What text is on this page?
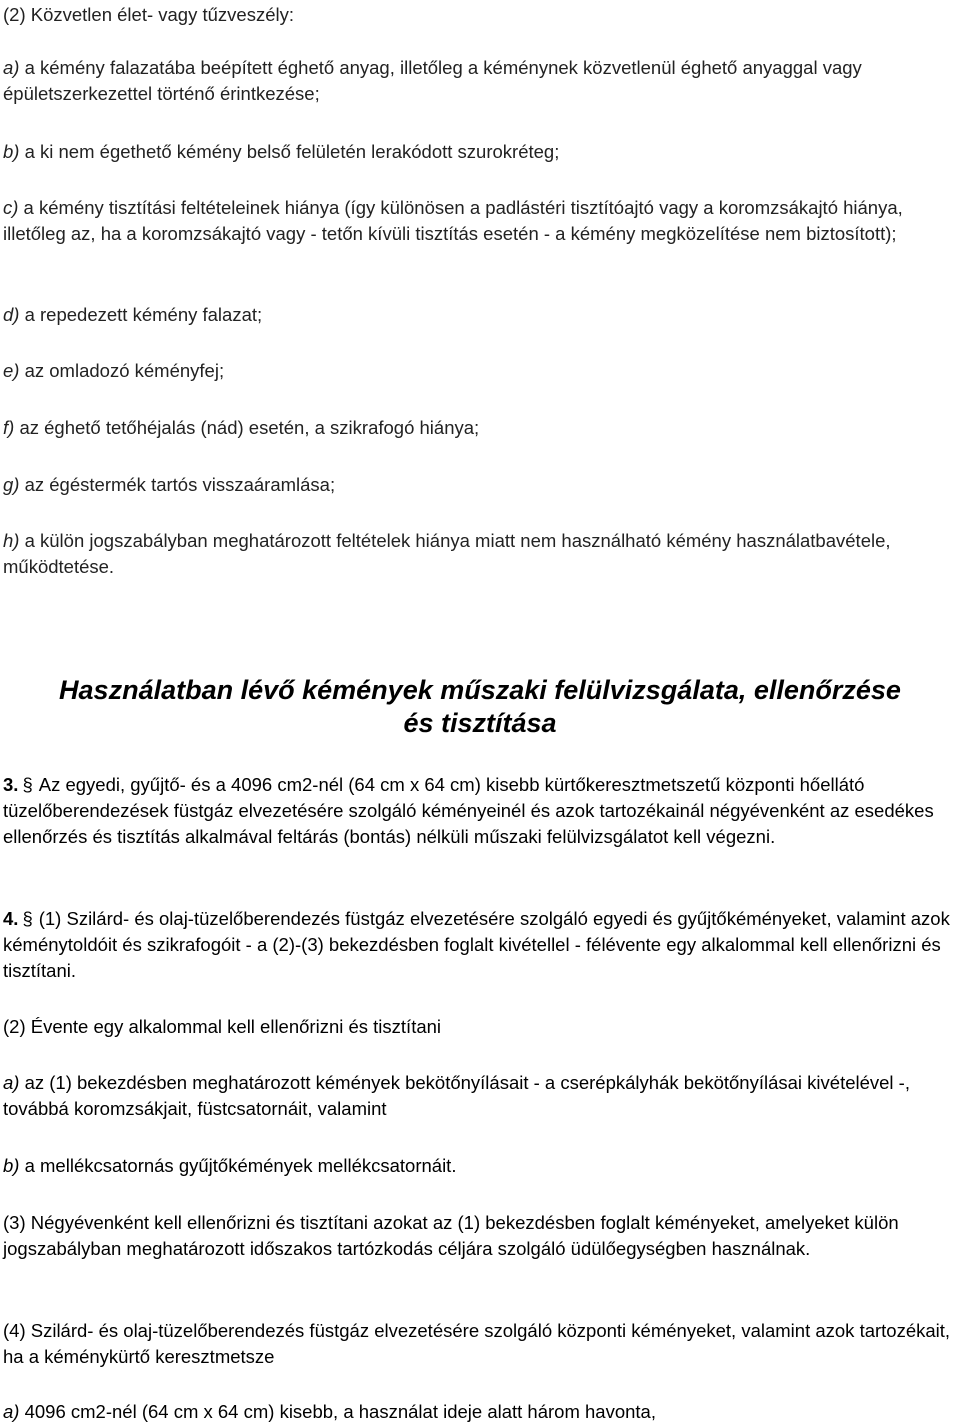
(2) Közvetlen élet- vagy tűzveszély:

a) a kémény falazatába beépített éghető anyag, illetőleg a kéménynek közvetlenül éghető anyaggal vagy épületszerkezettel történő érintkezése;

b) a ki nem égethető kémény belső felületén lerakódott szurokréteg;

c) a kémény tisztítási feltételeinek hiánya (így különösen a padlástéri tisztítóajtó vagy a koromzsákajtó hiánya, illetőleg az, ha a koromzsákajtó vagy - tetőn kívüli tisztítás esetén - a kémény megközelítése nem biztosított);

d) a repedezett kémény falazat;

e) az omladozó kéményfej;

f) az éghető tetőhéjalás (nád) esetén, a szikrafogó hiánya;

g) az égéstermék tartós visszaáramlása;

h) a külön jogszabályban meghatározott feltételek hiánya miatt nem használható kémény használatbavétele, működtetése.

Használatban lévő kémények műszaki felülvizsgálata, ellenőrzése
és tisztítása

3. § Az egyedi, gyűjtő- és a 4096 cm2-nél (64 cm x 64 cm) kisebb kürtőkeresztmetszetű központi hőellátó tüzelőberendezések füstgáz elvezetésére szolgáló kéményeinél és azok tartozékainál négyévenként az esedékes ellenőrzés és tisztítás alkalmával feltárás (bontás) nélküli műszaki felülvizsgálatot kell végezni.

4. § (1) Szilárd- és olaj-tüzelőberendezés füstgáz elvezetésére szolgáló egyedi és gyűjtőkéményeket, valamint azok kéménytoldóit és szikrafogóit - a (2)-(3) bekezdésben foglalt kivétellel - félévente egy alkalommal kell ellenőrizni és tisztítani.

(2) Évente egy alkalommal kell ellenőrizni és tisztítani

a) az (1) bekezdésben meghatározott kémények bekötőnyílásait - a cserépkályhák bekötőnyílásai kivételével -, továbbá koromzsákjait, füstcsatornáit, valamint

b) a mellékcsatornás gyűjtőkémények mellékcsatornáit.

(3) Négyévenként kell ellenőrizni és tisztítani azokat az (1) bekezdésben foglalt kéményeket, amelyeket külön jogszabályban meghatározott időszakos tartózkodás céljára szolgáló üdülőegységben használnak.

(4) Szilárd- és olaj-tüzelőberendezés füstgáz elvezetésére szolgáló központi kéményeket, valamint azok tartozékait, ha a kéménykürtő keresztmetsze

a) 4096 cm2-nél (64 cm x 64 cm) kisebb, a használat ideje alatt három havonta,
